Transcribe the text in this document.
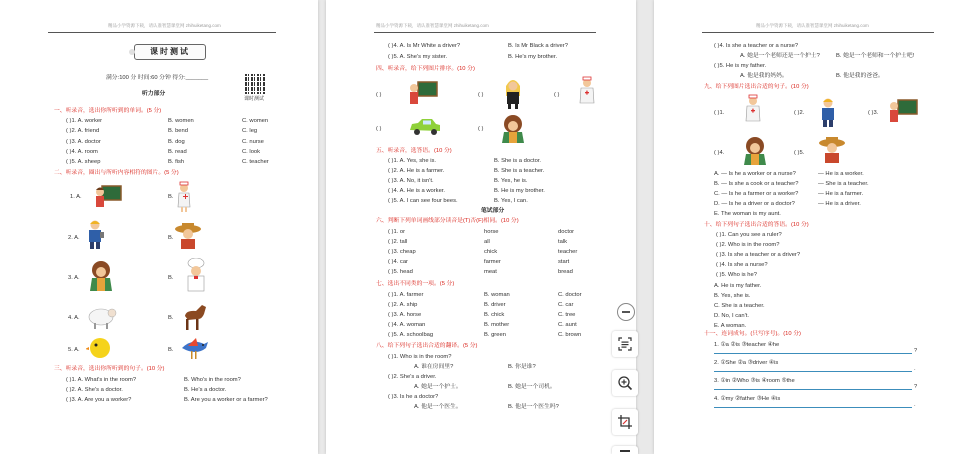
精品小学资源下载，请认准智慧课堂网 zhihuiketang.com
课时测试
满分:100 分 时间:60 分钟 得分:_______
课时测试
听力部分
一、听录音，选出你所听到的单词。(5 分)
( )1. A. worker	B. women	C. women
( )2. A. friend	B. bend	C. leg
( )3. A. doctor	B. dog	C. nurse
( )4. A. room	B. read	C. look
( )5. A. sheep	B. fish	C. teacher
二、听录音，圈出与所听内容相符的图片。(5 分)
1. A.	B.
2. A.	B.
3. A.	B.
4. A.	B.
5. A.	B.
三、听录音，选出你所听到的句子。(10 分)
( )1. A. What's in the room?	B. Who's in the room?
( )2. A. She's a doctor.	B. He's a doctor.
( )3. A. Are you a worker?	B. Are you a worker or a farmer?
精品小学资源下载，请认准智慧课堂网 zhihuiketang.com
( )4. A. Is Mr White a driver?	B. Is Mr Black a driver?
( )5. A. She's my sister.	B. He's my brother.
四、听录音，给下列图片排序。(10 分)
( )	( )	( )
( )	( )
五、听录音，选答语。(10 分)
( )1. A. Yes, she is.	B. She is a doctor.
( )2. A. He is a farmer.	B. She is a teacher.
( )3. A. No, it isn't.	B. Yes, he is.
( )4. A. He is a worker.	B. He is my brother.
( )5. A. I can see four bees.	B. Yes, I can.
笔试部分
六、判断下列单词画线部分读音是(T)否(F)相同。(10 分)
( )1. or	horse	doctor
( )2. tall	all	talk
( )3. cheap	chick	teacher
( )4. car	farmer	start
( )5. head	meat	bread
七、选出不同类的一项。(5 分)
( )1. A. farmer	B. woman	C. doctor
( )2. A. ship	B. driver	C. car
( )3. A. horse	B. chick	C. tree
( )4. A. woman	B. mother	C. aunt
( )5. A. schoolbag	B. green	C. brown
八、给下列句子选出合适的翻译。(5 分)
( )1. Who is in the room?
A. 谁在房间里?	B. 你是谁?
( )2. She's a driver.
A. 她是一个护士。	B. 她是一个司机。
( )3. Is he a doctor?
A. 他是一个医生。	B. 他是一个医生吗?
精品小学资源下载，请认准智慧课堂网 zhihuiketang.com
( )4. Is she a teacher or a nurse?
A. 她是一个老师还是一个护士?	B. 她是一个老师和一个护士吧!
( )5. He is my father.
A. 他是我的妈妈。	B. 他是我的爸爸。
九、给下列图片选出合适的句子。(10 分)
( )1.	( )2.	( )3.
( )4.	( )5.
A. — Is he a worker or a nurse?	— He is a worker.
B. — Is she a cook or a teacher?	— She is a teacher.
C. — Is he a farmer or a worker?	— He is a farmer.
D. — Is he a driver or a doctor?	— He is a driver.
E. The woman is my aunt.
十、给下列句子选出合适的答语。(10 分)
( )1. Can you see a ruler?
( )2. Who is in the room?
( )3. Is she a teacher or a driver?
( )4. Is she a nurse?
( )5. Who is he?
A. He is my father.
B. Yes, she is.
C. She is a teacher.
D. No, I can't.
E. A woman.
十一、连词成句。(只写序号)。(10 分)
1. ①a ②is ③teacher ④he
?
2. ①She ②a ③driver ④is
.
3. ①in ②Who ③is ④room ⑤the
?
4. ①my ②father ③He ④is
.
